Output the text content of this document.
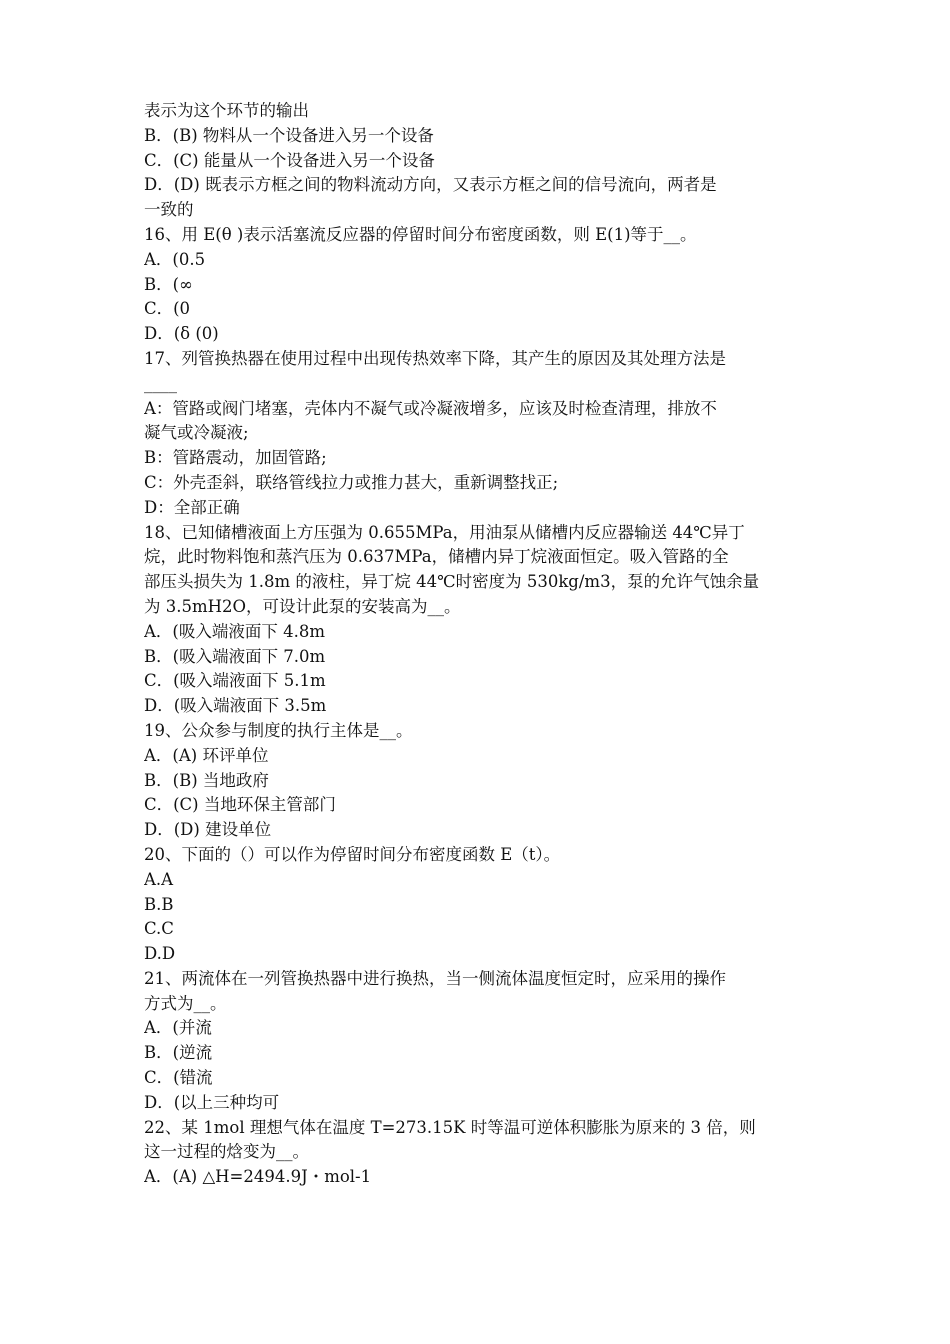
表示为这个环节的输出
B．(B) 物料从一个设备进入另一个设备
C．(C) 能量从一个设备进入另一个设备
D．(D) 既表示方框之间的物料流动方向，又表示方框之间的信号流向，两者是
一致的
16、用 E(θ )表示活塞流反应器的停留时间分布密度函数，则 E(1)等于__。
A．(0.5
B．(∞
C．(0
D．(δ (0)
17、列管换热器在使用过程中出现传热效率下降，其产生的原因及其处理方法是
____
A：管路或阀门堵塞，壳体内不凝气或冷凝液增多，应该及时检查清理，排放不
凝气或冷凝液;
B：管路震动，加固管路;
C：外壳歪斜，联络管线拉力或推力甚大，重新调整找正;
D：全部正确
18、已知储槽液面上方压强为 0.655MPa，用油泵从储槽内反应器输送 44℃异丁
烷，此时物料饱和蒸汽压为 0.637MPa，储槽内异丁烷液面恒定。吸入管路的全
部压头损失为 1.8m 的液柱，异丁烷 44℃时密度为 530kg/m3，泵的允许气蚀余量
为 3.5mH2O，可设计此泵的安装高为__。
A．(吸入端液面下 4.8m
B．(吸入端液面下 7.0m
C．(吸入端液面下 5.1m
D．(吸入端液面下 3.5m
19、公众参与制度的执行主体是__。
A．(A) 环评单位
B．(B) 当地政府
C．(C) 当地环保主管部门
D．(D) 建设单位
20、下面的（）可以作为停留时间分布密度函数 E（t）。
A.A
B.B
C.C
D.D
21、两流体在一列管换热器中进行换热，当一侧流体温度恒定时，应采用的操作
方式为__。
A．(并流
B．(逆流
C．(错流
D．(以上三种均可
22、某 1mol 理想气体在温度 T=273.15K 时等温可逆体积膨胀为原来的 3 倍，则
这一过程的焓变为__。
A．(A) △H=2494.9J・mol-1
